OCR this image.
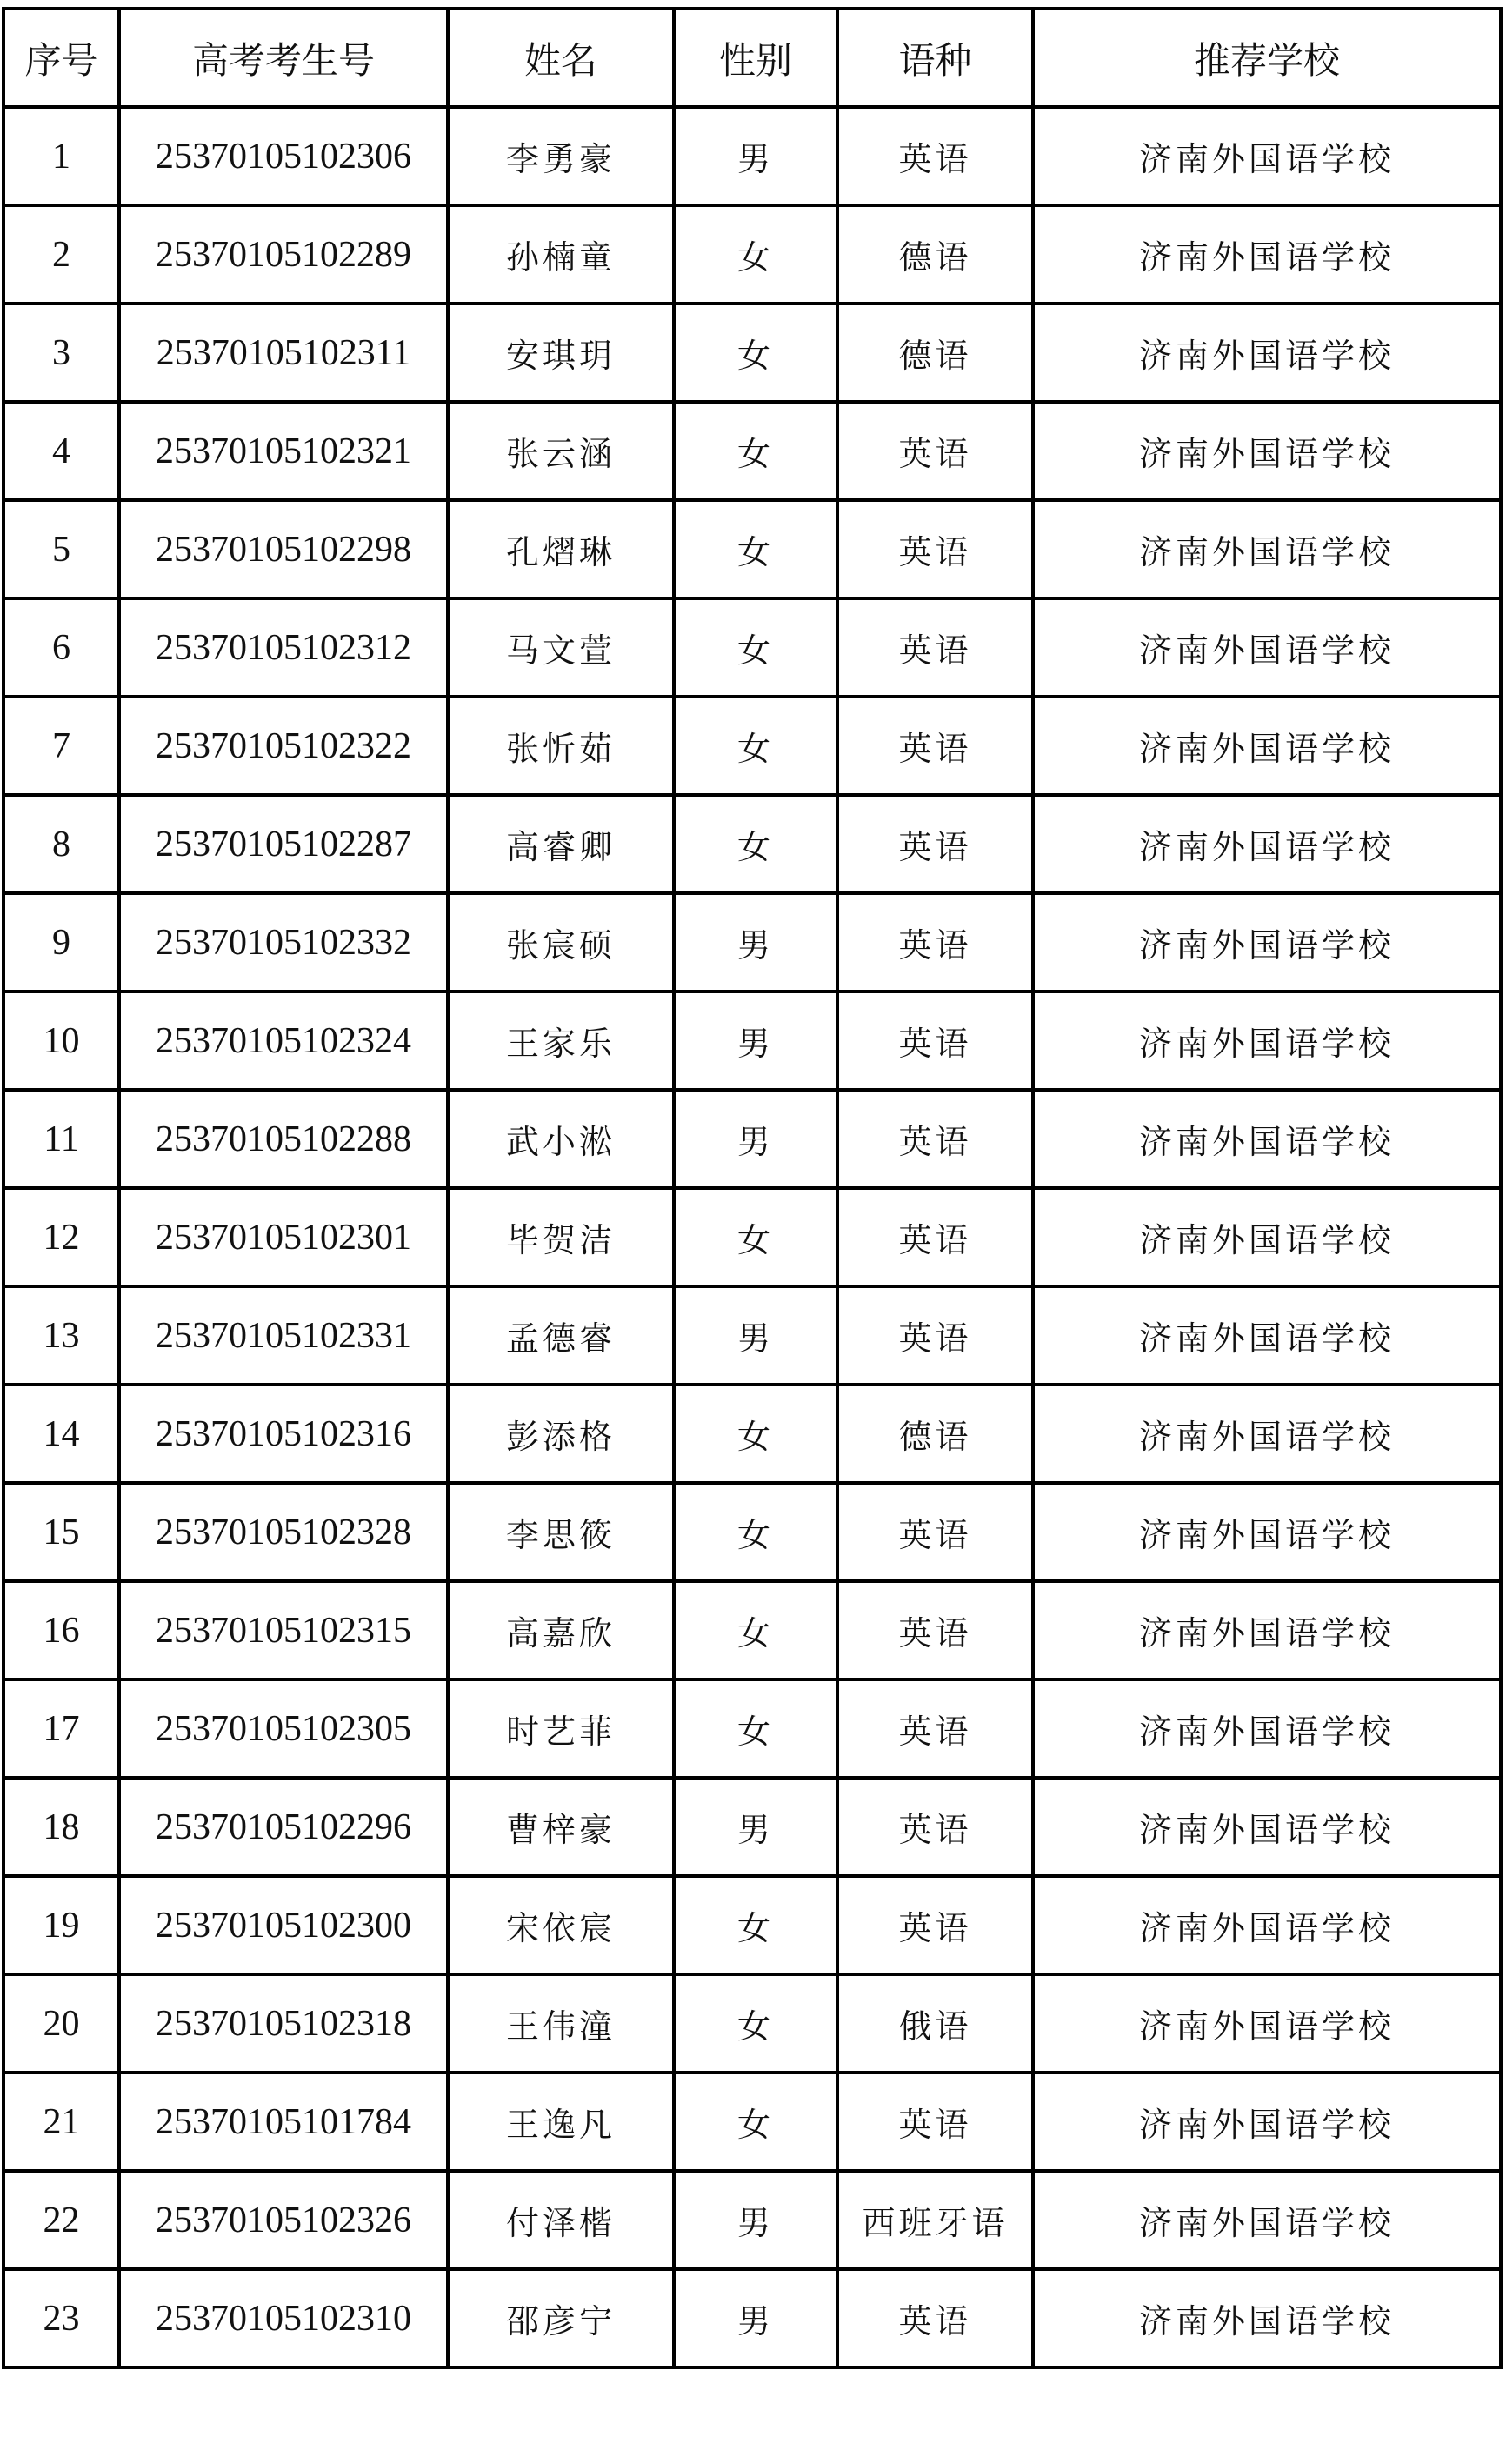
序号	高考考生号	姓名	性别	语种	推荐学校
1	25370105102306	李勇豪	男	英语	济南外国语学校
2	25370105102289	孙楠童	女	德语	济南外国语学校
3	25370105102311	安琪玥	女	德语	济南外国语学校
4	25370105102321	张云涵	女	英语	济南外国语学校
5	25370105102298	孔熠琳	女	英语	济南外国语学校
6	25370105102312	马文萱	女	英语	济南外国语学校
7	25370105102322	张忻茹	女	英语	济南外国语学校
8	25370105102287	高睿卿	女	英语	济南外国语学校
9	25370105102332	张宸硕	男	英语	济南外国语学校
10	25370105102324	王家乐	男	英语	济南外国语学校
11	25370105102288	武小淞	男	英语	济南外国语学校
12	25370105102301	毕贺洁	女	英语	济南外国语学校
13	25370105102331	孟德睿	男	英语	济南外国语学校
14	25370105102316	彭添格	女	德语	济南外国语学校
15	25370105102328	李思筱	女	英语	济南外国语学校
16	25370105102315	高嘉欣	女	英语	济南外国语学校
17	25370105102305	时艺菲	女	英语	济南外国语学校
18	25370105102296	曹梓豪	男	英语	济南外国语学校
19	25370105102300	宋依宸	女	英语	济南外国语学校
20	25370105102318	王伟潼	女	俄语	济南外国语学校
21	25370105101784	王逸凡	女	英语	济南外国语学校
22	25370105102326	付泽楷	男	西班牙语	济南外国语学校
23	25370105102310	邵彦宁	男	英语	济南外国语学校
